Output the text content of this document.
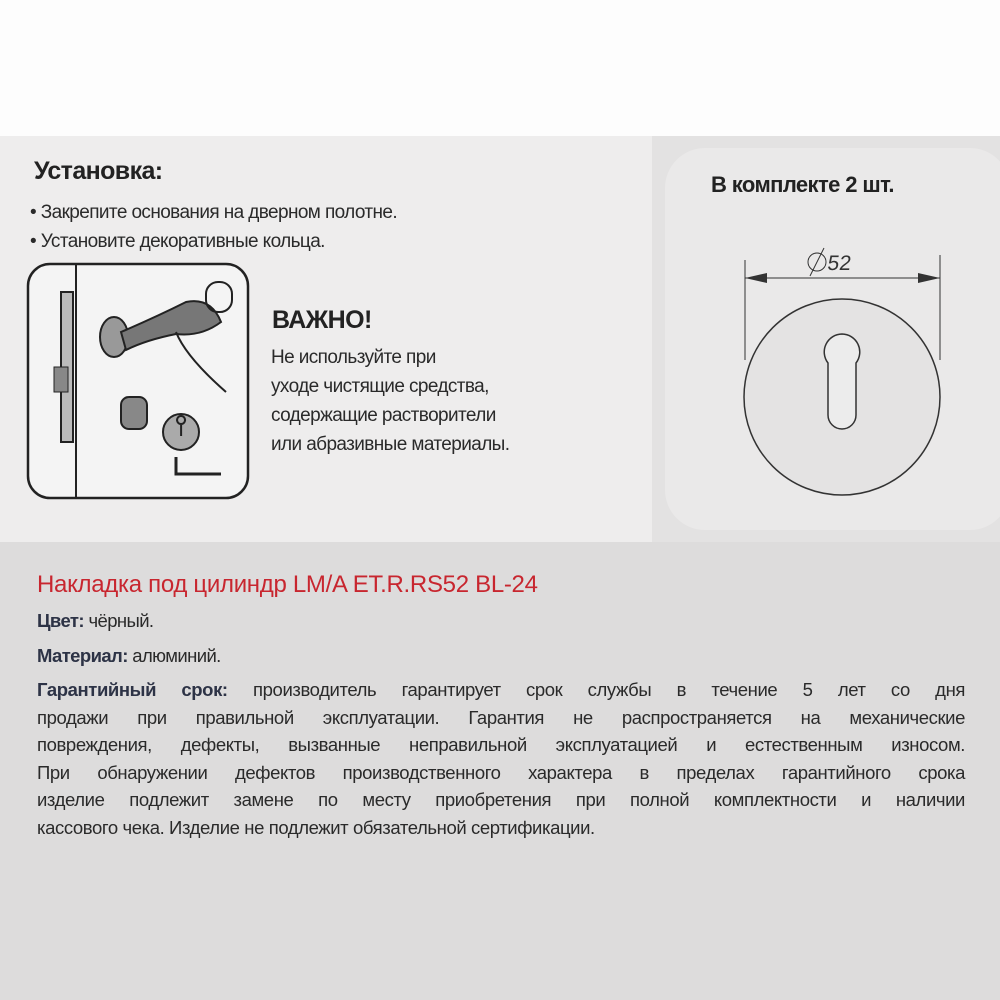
Установка:
• Закрепите основания на дверном полотне.
• Установите декоративные кольца.
ВАЖНО!
Не используйте при
уходе чистящие средства,
содержащие растворители
или абразивные материалы.
В комплекте 2 шт.
52
Накладка под цилиндр LM/A ET.R.RS52 BL-24
Цвет: чёрный.
Материал: алюминий.
Гарантийный срок: производитель гарантирует срок службы в течение 5 лет со дня
продажи при правильной эксплуатации. Гарантия не распространяется на механические
повреждения, дефекты, вызванные неправильной эксплуатацией и естественным износом.
При обнаружении дефектов производственного характера в пределах гарантийного срока
изделие подлежит замене по месту приобретения при полной комплектности и наличии
кассового чека. Изделие не подлежит обязательной сертификации.
